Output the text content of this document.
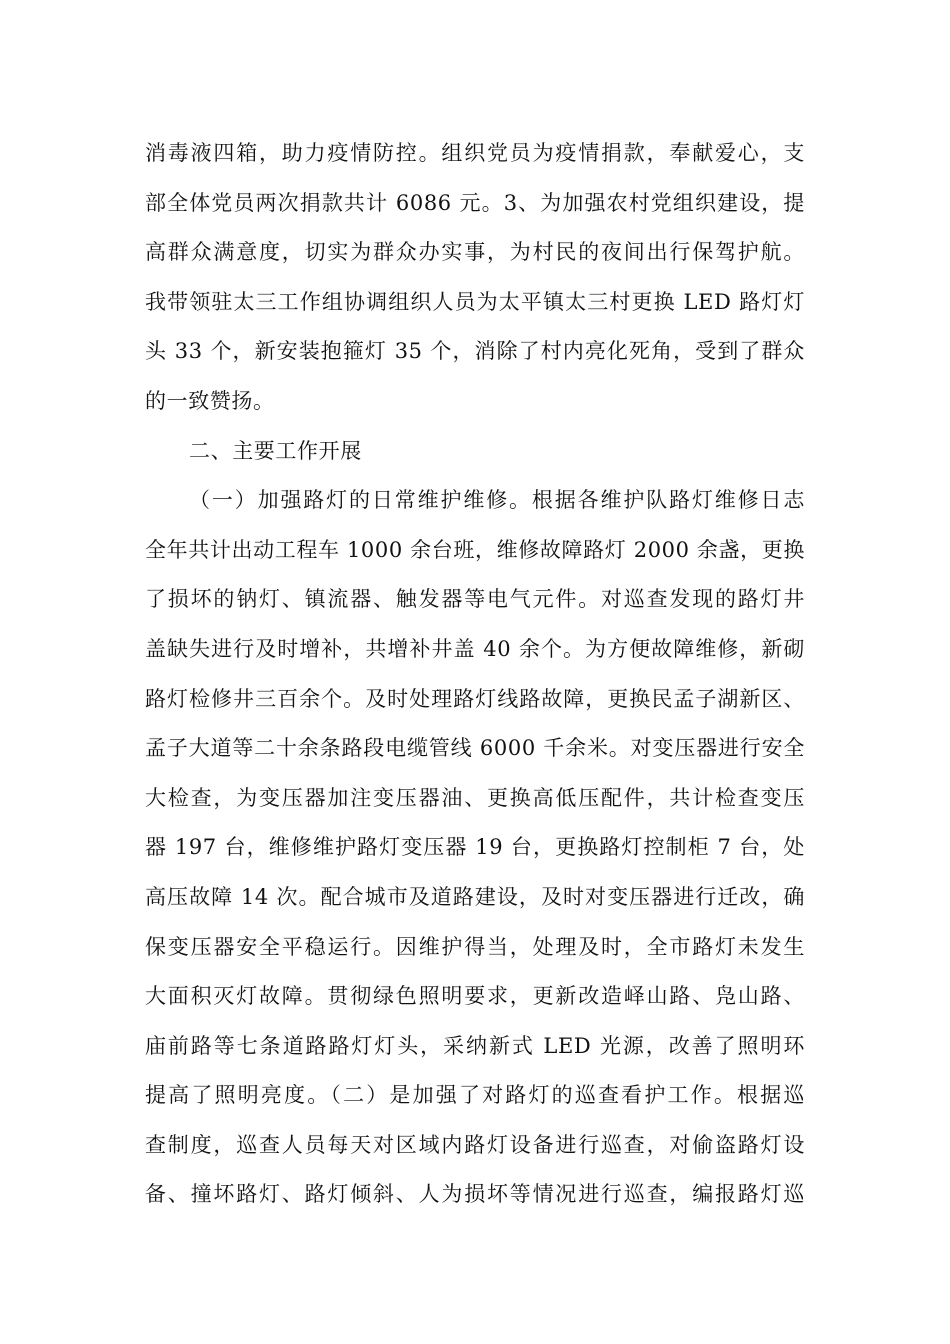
消毒液四箱，助力疫情防控。组织党员为疫情捐款，奉献爱心，支
部全体党员两次捐款共计 6086 元。3、为加强农村党组织建设，提
高群众满意度，切实为群众办实事，为村民的夜间出行保驾护航。
我带领驻太三工作组协调组织人员为太平镇太三村更换 LED 路灯灯
头 33 个，新安装抱箍灯 35 个，消除了村内亮化死角，受到了群众
的一致赞扬。
二、主要工作开展
（一）加强路灯的日常维护维修。根据各维护队路灯维修日志
全年共计出动工程车 1000 余台班，维修故障路灯 2000 余盏，更换
了损坏的钠灯、镇流器、触发器等电气元件。对巡查发现的路灯井
盖缺失进行及时增补，共增补井盖 40 余个。为方便故障维修，新砌
路灯检修井三百余个。及时处理路灯线路故障，更换民孟子湖新区、
孟子大道等二十余条路段电缆管线 6000 千余米。对变压器进行安全
大检查，为变压器加注变压器油、更换高低压配件，共计检查变压
器 197 台，维修维护路灯变压器 19 台，更换路灯控制柜 7 台，处
高压故障 14 次。配合城市及道路建设，及时对变压器进行迁改，确
保变压器安全平稳运行。因维护得当，处理及时，全市路灯未发生
大面积灭灯故障。贯彻绿色照明要求，更新改造峄山路、凫山路、
庙前路等七条道路路灯灯头，采纳新式 LED 光源，改善了照明环
提高了照明亮度。（二）是加强了对路灯的巡查看护工作。根据巡
查制度，巡查人员每天对区域内路灯设备进行巡查，对偷盗路灯设
备、撞坏路灯、路灯倾斜、人为损坏等情况进行巡查，编报路灯巡
